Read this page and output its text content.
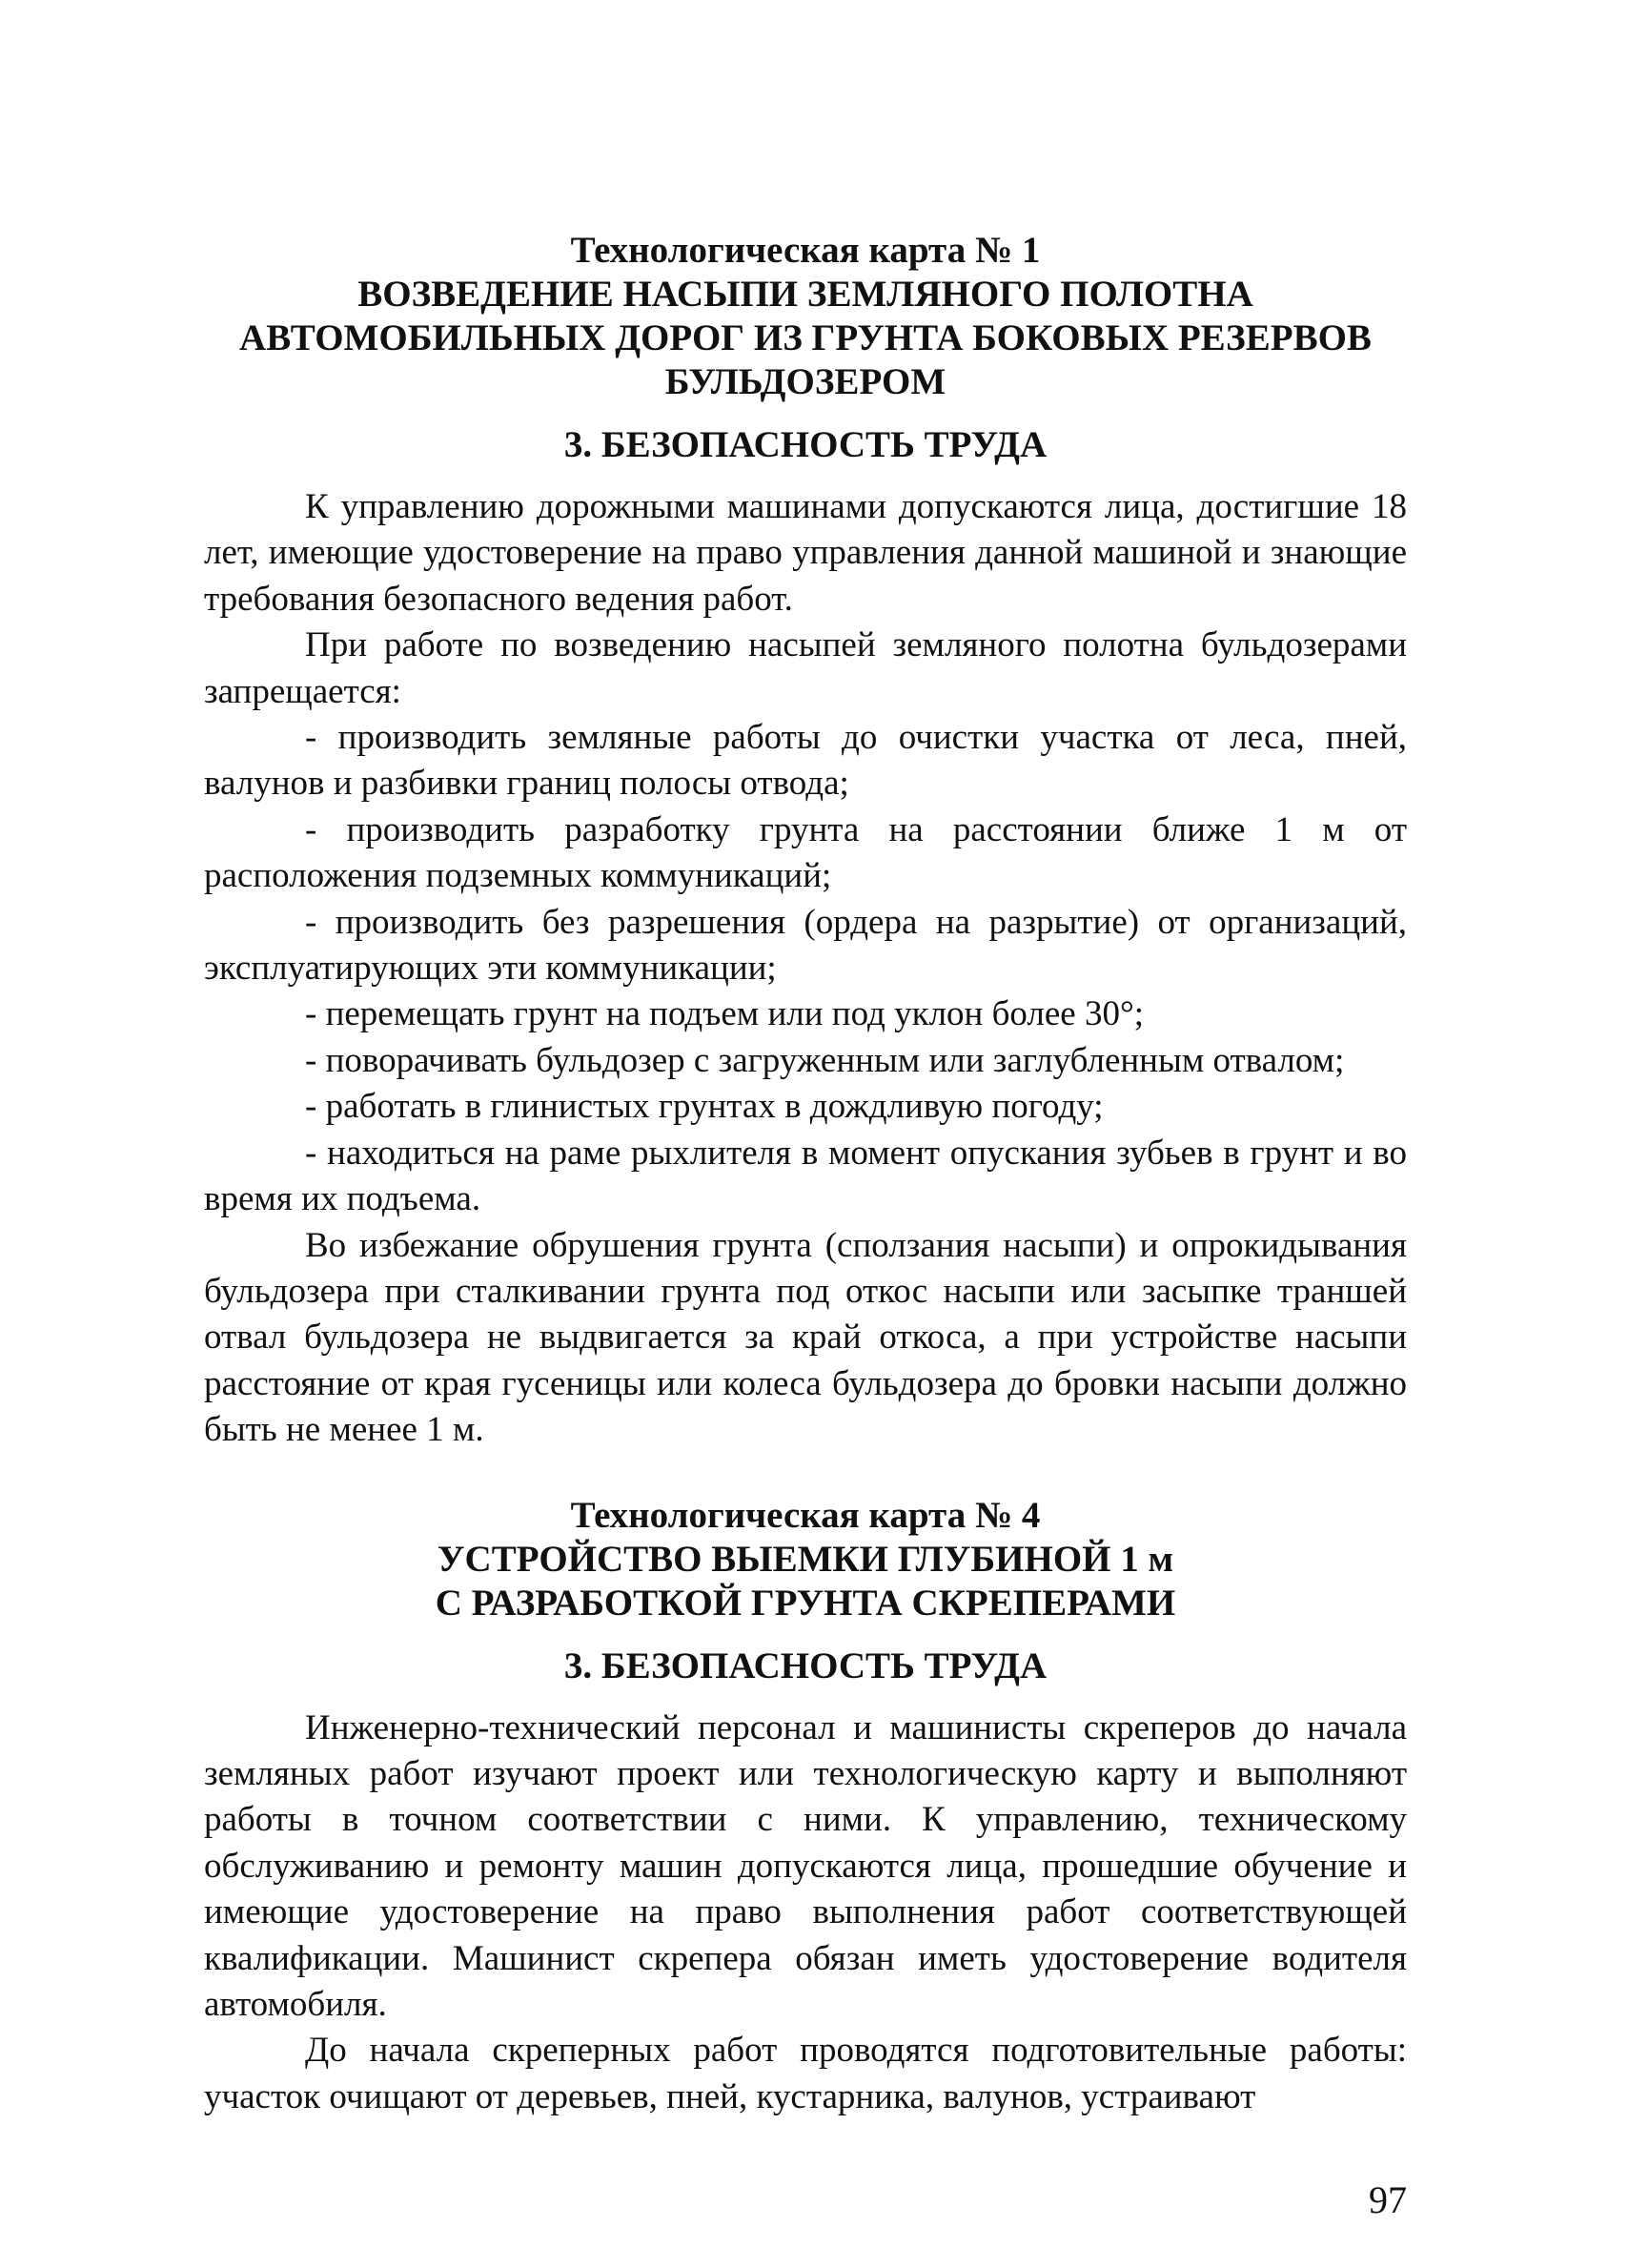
Технологическая карта № 1

ВОЗВЕДЕНИЕ НАСЫПИ ЗЕМЛЯНОГО ПОЛОТНА

АВТОМОБИЛЬНЫХ ДОРОГ ИЗ ГРУНТА БОКОВЫХ РЕЗЕРВОВ

БУЛЬДОЗЕРОМ

3. БЕЗОПАСНОСТЬ ТРУДА

К управлению дорожными машинами допускаются лица, достигшие 18 лет, имеющие удостоверение на право управления данной машиной и знающие требования безопасного ведения работ.

При работе по возведению насыпей земляного полотна бульдозерами запрещается:

- производить земляные работы до очистки участка от леса, пней, валунов и разбивки границ полосы отвода;

- производить разработку грунта на расстоянии ближе 1 м от расположения подземных коммуникаций;

- производить без разрешения (ордера на разрытие) от организаций, эксплуатирующих эти коммуникации;

- перемещать грунт на подъем или под уклон более 30°;

- поворачивать бульдозер с загруженным или заглубленным отвалом;

- работать в глинистых грунтах в дождливую погоду;

- находиться на раме рыхлителя в момент опускания зубьев в грунт и во время их подъема.

Во избежание обрушения грунта (сползания насыпи) и опрокидывания бульдозера при сталкивании грунта под откос насыпи или засыпке траншей отвал бульдозера не выдвигается за край откоса, а при устройстве насыпи расстояние от края гусеницы или колеса бульдозера до бровки насыпи должно быть не менее 1 м.

Технологическая карта № 4

УСТРОЙСТВО ВЫЕМКИ ГЛУБИНОЙ 1 м

С РАЗРАБОТКОЙ ГРУНТА СКРЕПЕРАМИ

3. БЕЗОПАСНОСТЬ ТРУДА

Инженерно-технический персонал и машинисты скреперов до начала земляных работ изучают проект или технологическую карту и выполняют работы в точном соответствии с ними. К управлению, техническому обслуживанию и ремонту машин допускаются лица, прошедшие обучение и имеющие удостоверение на право выполнения работ соответствующей квалификации. Машинист скрепера обязан иметь удостоверение водителя автомобиля.

До начала скреперных работ проводятся подготовительные работы: участок очищают от деревьев, пней, кустарника, валунов, устраивают

97
